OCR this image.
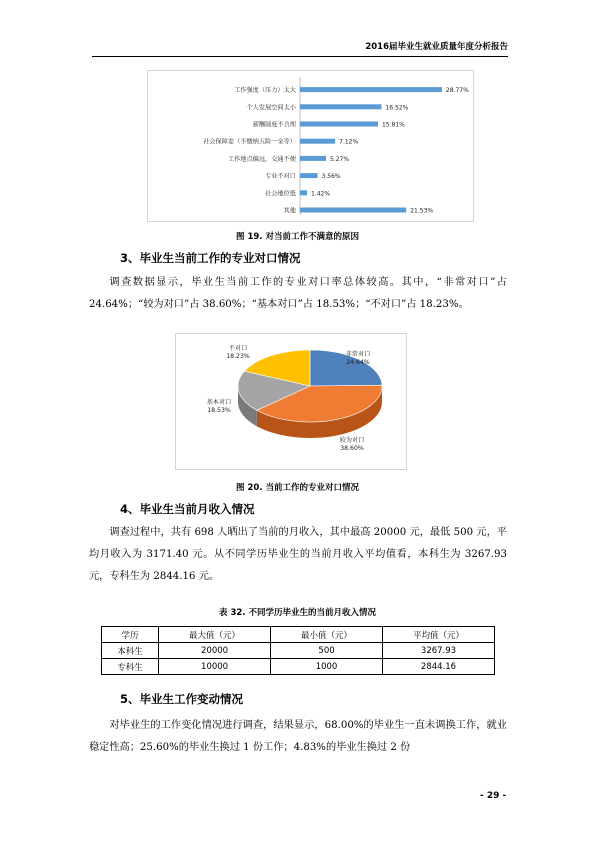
2016届毕业生就业质量年度分析报告
工作强度（压力）太大	28.77%
个人发展空间太小	16.52%
薪酬制度不合理	15.81%
社会保障差（不缴纳五险一金等）	7.12%
工作地点偏远，交通不便	5.27%
专业不对口	3.56%
社会地位低	1.42%
其他	21.53%
图 19. 对当前工作不满意的原因
3、毕业生当前工作的专业对口情况

调查数据显示，毕业生当前工作的专业对口率总体较高。其中，“非常对口”占 24.64%；“较为对口”占 38.60%；“基本对口”占 18.53%；“不对口”占 18.23%。

非常对口
24.64%
较为对口
38.60%
基本对口
18.53%
不对口
18.23%
图 20. 当前工作的专业对口情况
4、毕业生当前月收入情况

调查过程中，共有 698 人晒出了当前的月收入，其中最高 20000 元，最低 500 元，平均月收入为 3171.40 元。从不同学历毕业生的当前月收入平均值看，本科生为 3267.93 元，专科生为 2844.16 元。

表 32. 不同学历毕业生的当前月收入情况
学历	最大值（元）	最小值（元）	平均值（元）
本科生	20000	500	3267.93
专科生	10000	1000	2844.16
5、毕业生工作变动情况

对毕业生的工作变化情况进行调查，结果显示，68.00%的毕业生一直未调换工作，就业稳定性高；25.60%的毕业生换过 1 份工作；4.83%的毕业生换过 2 份

- 29 -
